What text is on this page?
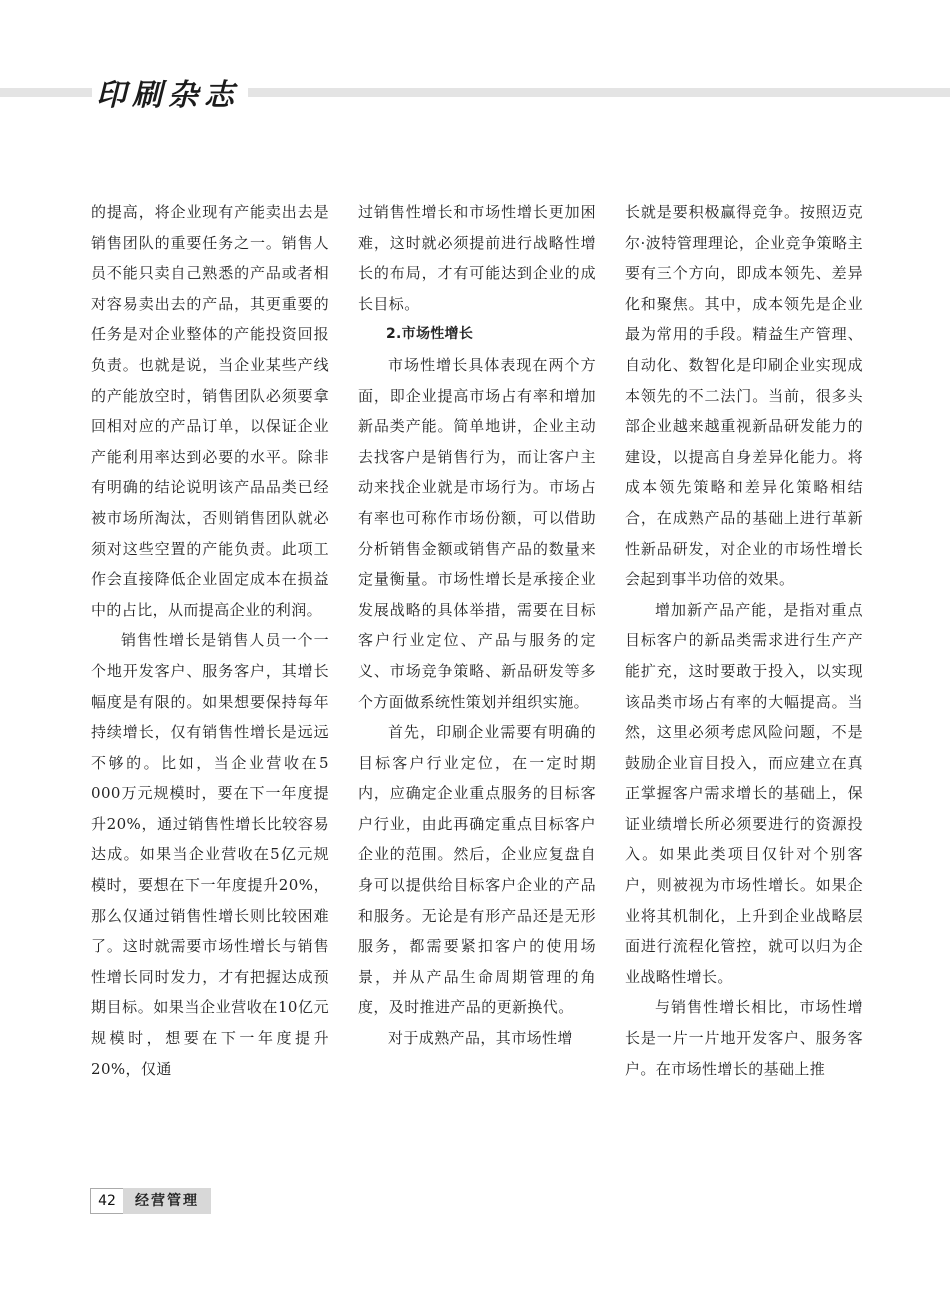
印刷杂志

的提高，将企业现有产能卖出去是销售团队的重要任务之一。销售人员不能只卖自己熟悉的产品或者相对容易卖出去的产品，其更重要的任务是对企业整体的产能投资回报负责。也就是说，当企业某些产线的产能放空时，销售团队必须要拿回相对应的产品订单，以保证企业产能利用率达到必要的水平。除非有明确的结论说明该产品品类已经被市场所淘汰，否则销售团队就必须对这些空置的产能负责。此项工作会直接降低企业固定成本在损益中的占比，从而提高企业的利润。

销售性增长是销售人员一个一个地开发客户、服务客户，其增长幅度是有限的。如果想要保持每年持续增长，仅有销售性增长是远远不够的。比如，当企业营收在5 000万元规模时，要在下一年度提升20%，通过销售性增长比较容易达成。如果当企业营收在5亿元规模时，要想在下一年度提升20%，那么仅通过销售性增长则比较困难了。这时就需要市场性增长与销售性增长同时发力，才有把握达成预期目标。如果当企业营收在10亿元规模时，想要在下一年度提升20%，仅通

过销售性增长和市场性增长更加困难，这时就必须提前进行战略性增长的布局，才有可能达到企业的成长目标。

2.市场性增长

市场性增长具体表现在两个方面，即企业提高市场占有率和增加新品类产能。简单地讲，企业主动去找客户是销售行为，而让客户主动来找企业就是市场行为。市场占有率也可称作市场份额，可以借助分析销售金额或销售产品的数量来定量衡量。市场性增长是承接企业发展战略的具体举措，需要在目标客户行业定位、产品与服务的定义、市场竞争策略、新品研发等多个方面做系统性策划并组织实施。

首先，印刷企业需要有明确的目标客户行业定位，在一定时期内，应确定企业重点服务的目标客户行业，由此再确定重点目标客户企业的范围。然后，企业应复盘自身可以提供给目标客户企业的产品和服务。无论是有形产品还是无形服务，都需要紧扣客户的使用场景，并从产品生命周期管理的角度，及时推进产品的更新换代。

对于成熟产品，其市场性增

长就是要积极赢得竞争。按照迈克尔·波特管理理论，企业竞争策略主要有三个方向，即成本领先、差异化和聚焦。其中，成本领先是企业最为常用的手段。精益生产管理、自动化、数智化是印刷企业实现成本领先的不二法门。当前，很多头部企业越来越重视新品研发能力的建设，以提高自身差异化能力。将成本领先策略和差异化策略相结合，在成熟产品的基础上进行革新性新品研发，对企业的市场性增长会起到事半功倍的效果。

增加新产品产能，是指对重点目标客户的新品类需求进行生产产能扩充，这时要敢于投入，以实现该品类市场占有率的大幅提高。当然，这里必须考虑风险问题，不是鼓励企业盲目投入，而应建立在真正掌握客户需求增长的基础上，保证业绩增长所必须要进行的资源投入。如果此类项目仅针对个别客户，则被视为市场性增长。如果企业将其机制化，上升到企业战略层面进行流程化管控，就可以归为企业战略性增长。

与销售性增长相比，市场性增长是一片一片地开发客户、服务客户。在市场性增长的基础上推

42	经营管理
